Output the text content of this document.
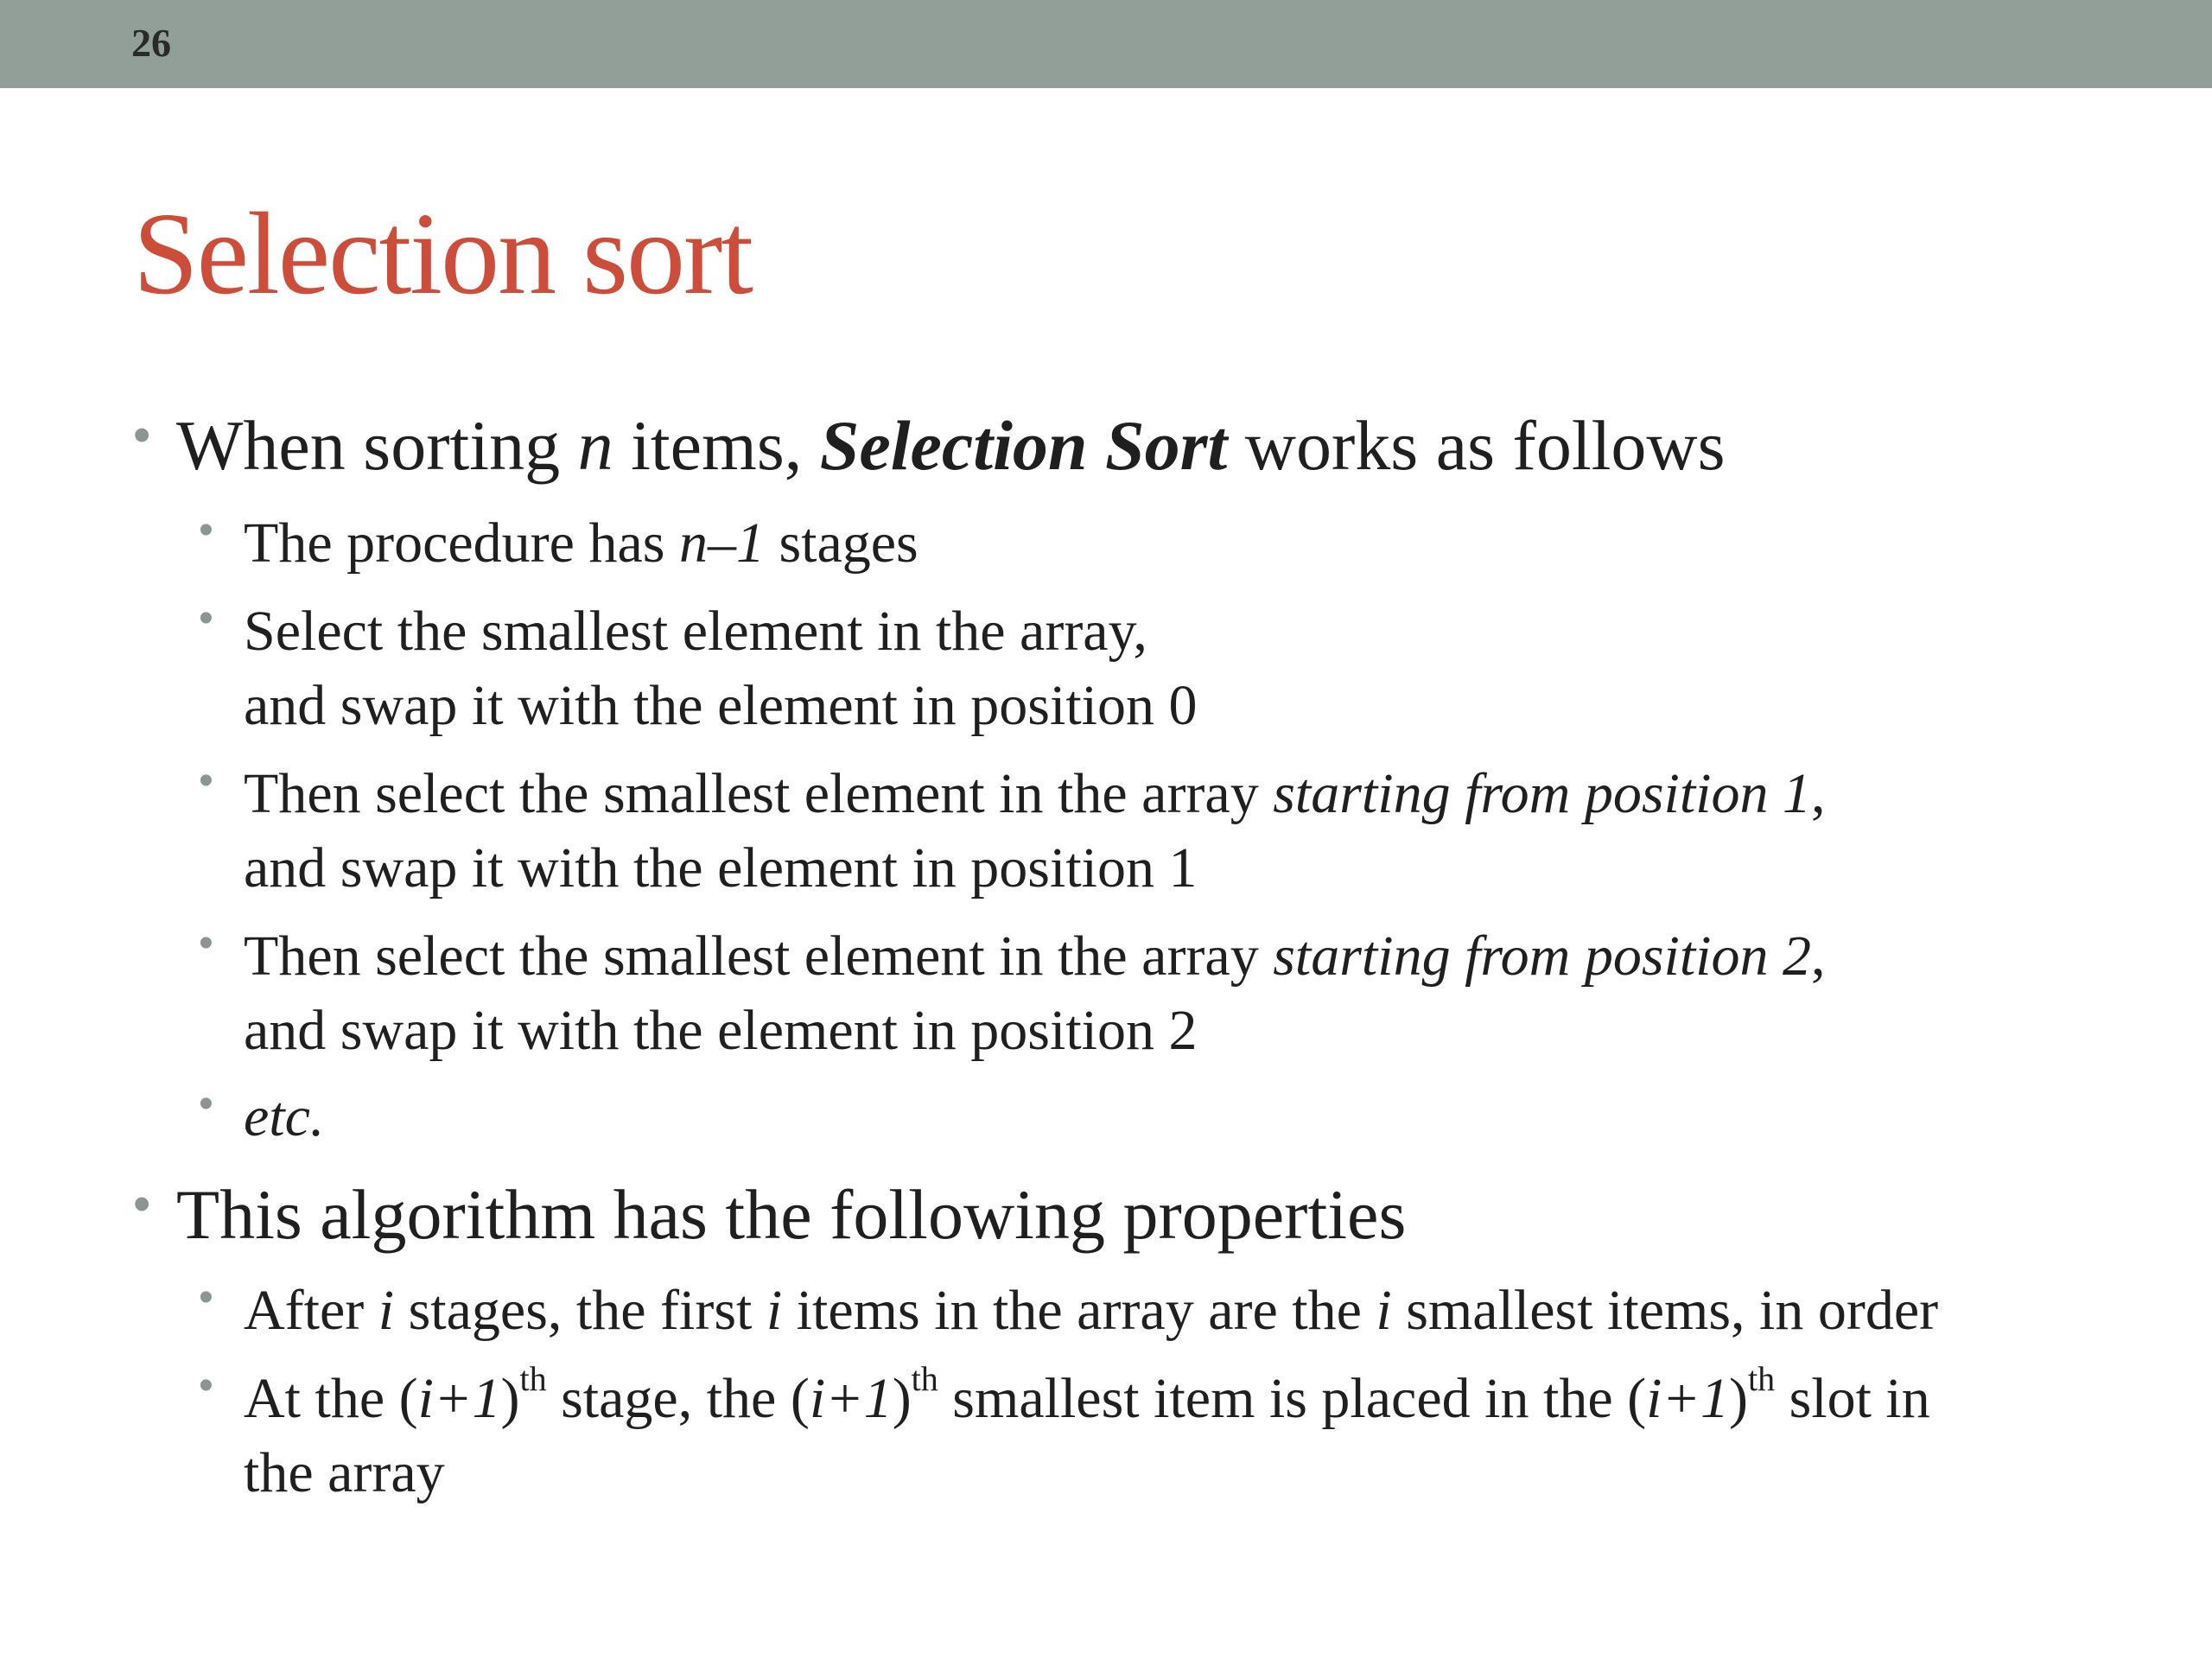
26
Selection sort
• When sorting n items, Selection Sort works as follows
• The procedure has n–1 stages
• Select the smallest element in the array,
and swap it with the element in position 0
• Then select the smallest element in the array starting from position 1,
and swap it with the element in position 1
• Then select the smallest element in the array starting from position 2,
and swap it with the element in position 2
• etc.
• This algorithm has the following properties
• After i stages, the first i items in the array are the i smallest items, in order
• At the $(i+1)^{th}$ stage, the $(i+1)^{th}$ smallest item is placed in the $(i+1)^{th}$ slot in
the array
